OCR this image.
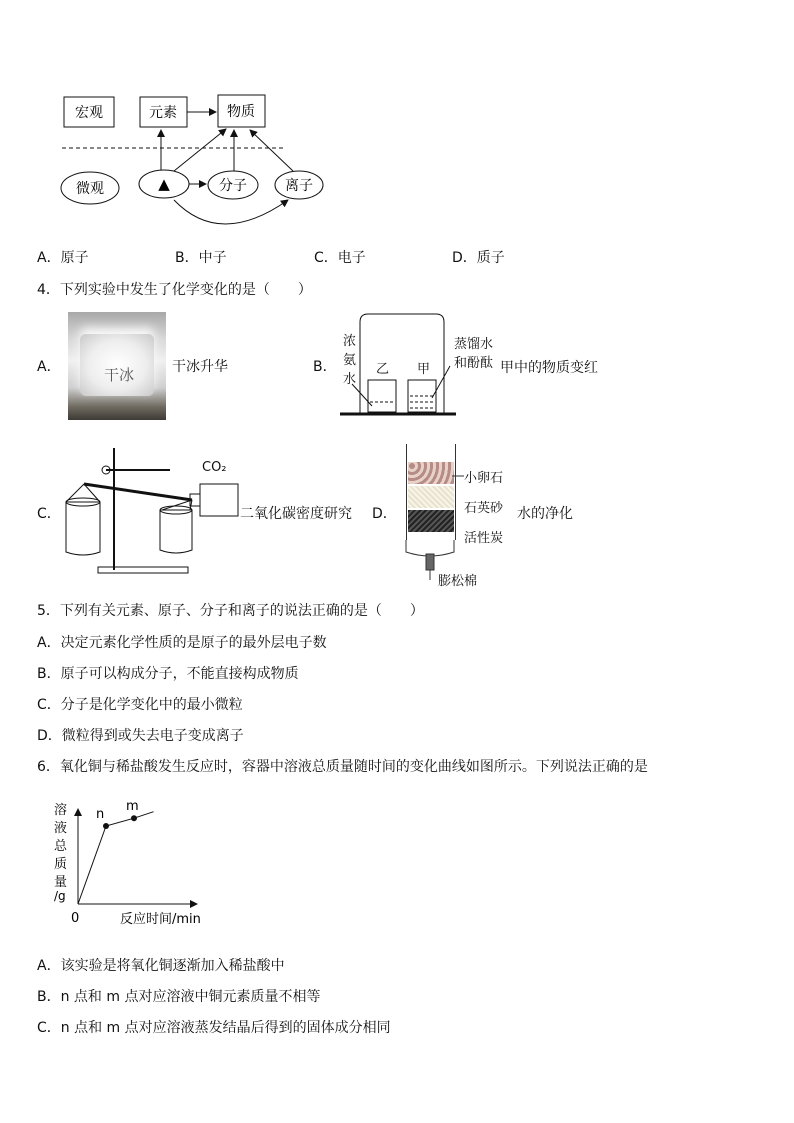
宏观	元素	物质
微观	▲	分子	离子
A．原子	B．中子	C．电子	D．质子
4．下列实验中发生了化学变化的是（　　）
A．	干冰	干冰升华	B．
浓
氨
水
乙 甲
蒸馏水
和酚酞 甲中的物质变红
C．
CO₂
二氧化碳密度研究 D．
小卵石
石英砂
活性炭
膨松棉
水的净化
5．下列有关元素、原子、分子和离子的说法正确的是（　　）
A．决定元素化学性质的是原子的最外层电子数
B．原子可以构成分子，不能直接构成物质
C．分子是化学变化中的最小微粒
D．微粒得到或失去电子变成离子
6．氧化铜与稀盐酸发生反应时，容器中溶液总质量随时间的变化曲线如图所示。下列说法正确的是
溶
液
总
质
量
/g
0	反应时间/min
n
m
A．该实验是将氧化铜逐渐加入稀盐酸中
B．n 点和 m 点对应溶液中铜元素质量不相等
C．n 点和 m 点对应溶液蒸发结晶后得到的固体成分相同
